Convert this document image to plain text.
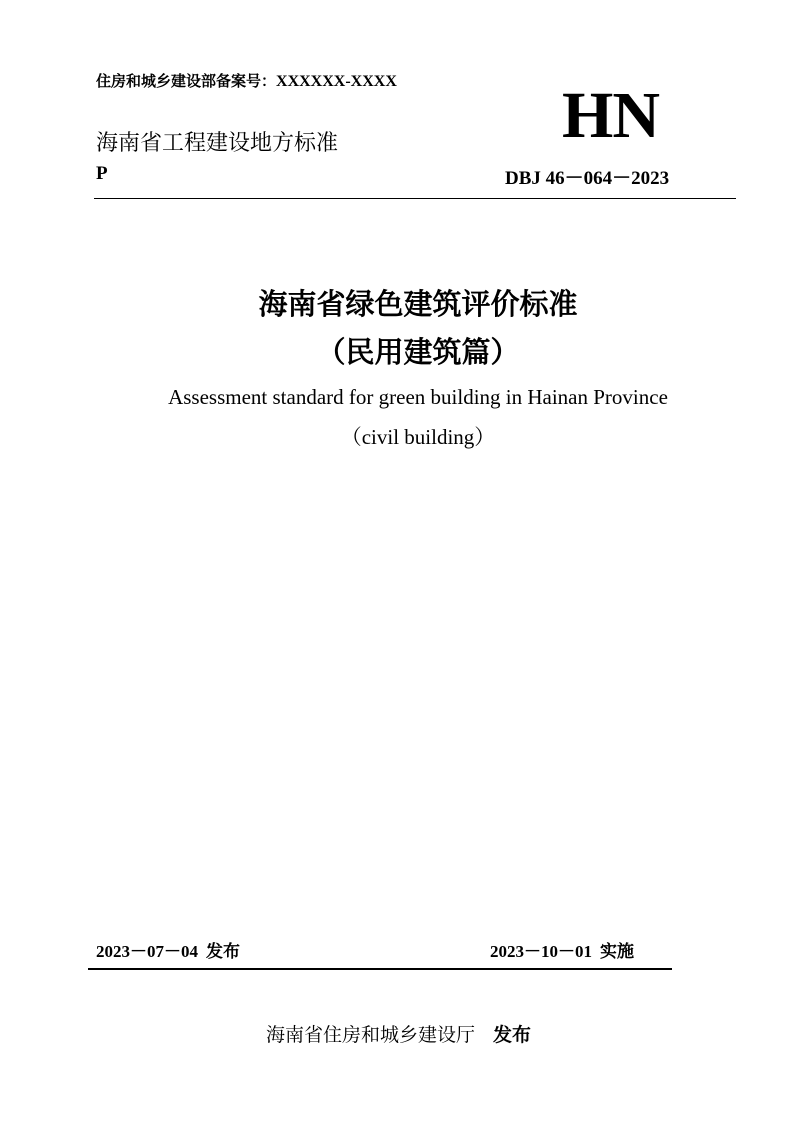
住房和城乡建设部备案号：XXXXXX-XXXX	HN
海南省工程建设地方标准
P	DBJ 46－064－2023
海南省绿色建筑评价标准
（民用建筑篇）
Assessment standard for green building in Hainan Province
（civil building）
2023－07－04 发布	2023－10－01 实施
海南省住房和城乡建设厅 发布
